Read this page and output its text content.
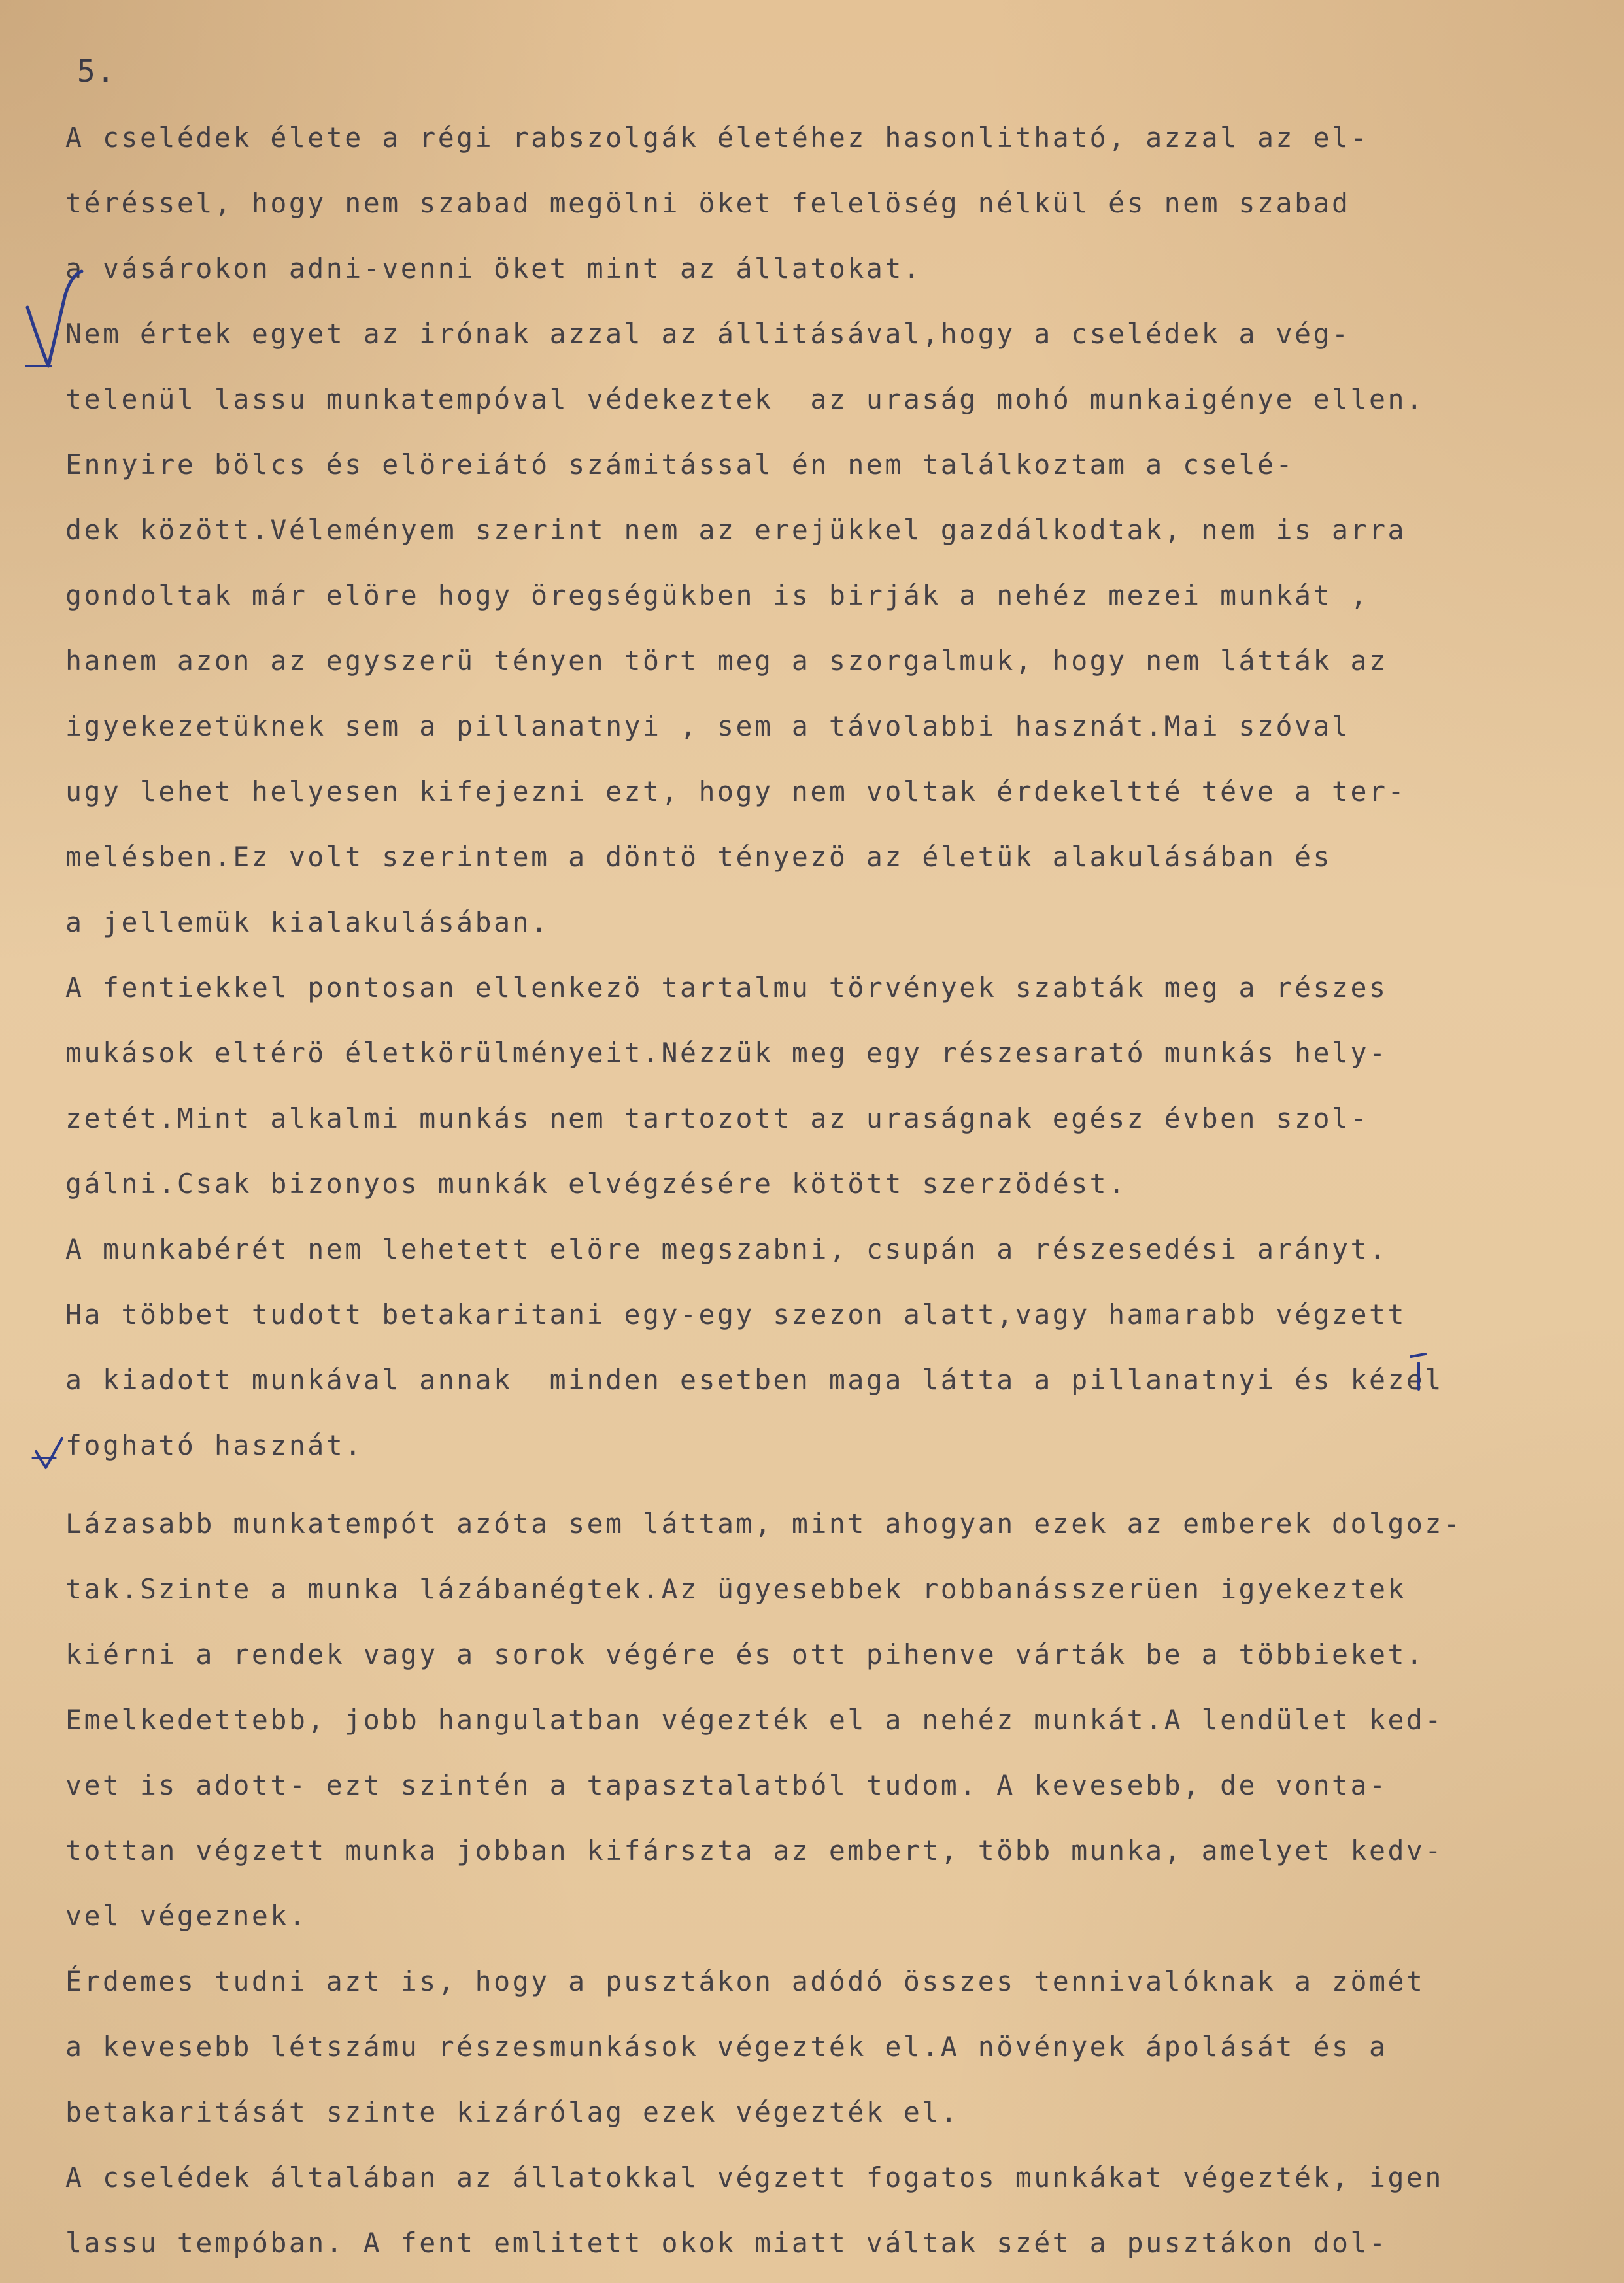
5.
A cselédek élete a régi rabszolgák életéhez hasonlitható, azzal az el-
téréssel, hogy nem szabad megölni öket felelöség nélkül és nem szabad
a vásárokon adni-venni öket mint az állatokat.
Nem értek egyet az irónak azzal az állitásával,hogy a cselédek a vég-
telenül lassu munkatempóval védekeztek  az uraság mohó munkaigénye ellen.
Ennyire bölcs és elöreiátó számitással én nem találkoztam a cselé-
dek között.Véleményem szerint nem az erejükkel gazdálkodtak, nem is arra
gondoltak már elöre hogy öregségükben is birják a nehéz mezei munkát ,
hanem azon az egyszerü tényen tört meg a szorgalmuk, hogy nem látták az
igyekezetüknek sem a pillanatnyi , sem a távolabbi hasznát.Mai szóval
ugy lehet helyesen kifejezni ezt, hogy nem voltak érdekeltté téve a ter-
melésben.Ez volt szerintem a döntö tényezö az életük alakulásában és
a jellemük kialakulásában.
A fentiekkel pontosan ellenkezö tartalmu törvények szabták meg a részes
mukások eltérö életkörülményeit.Nézzük meg egy részesarató munkás hely-
zetét.Mint alkalmi munkás nem tartozott az uraságnak egész évben szol-
gálni.Csak bizonyos munkák elvégzésére kötött szerzödést.
A munkabérét nem lehetett elöre megszabni, csupán a részesedési arányt.
Ha többet tudott betakaritani egy-egy szezon alatt,vagy hamarabb végzett
a kiadott munkával annak  minden esetben maga látta a pillanatnyi és kézel
fogható hasznát.
Lázasabb munkatempót azóta sem láttam, mint ahogyan ezek az emberek dolgoz-
tak.Szinte a munka lázábanégtek.Az ügyesebbek robbanásszerüen igyekeztek
kiérni a rendek vagy a sorok végére és ott pihenve várták be a többieket.
Emelkedettebb, jobb hangulatban végezték el a nehéz munkát.A lendület ked-
vet is adott- ezt szintén a tapasztalatból tudom. A kevesebb, de vonta-
tottan végzett munka jobban kifárszta az embert, több munka, amelyet kedv-
vel végeznek.
Érdemes tudni azt is, hogy a pusztákon adódó összes tennivalóknak a zömét
a kevesebb létszámu részesmunkások végezték el.A növények ápolását és a
betakaritását szinte kizárólag ezek végezték el.
A cselédek általában az állatokkal végzett fogatos munkákat végezték, igen
lassu tempóban. A fent emlitett okok miatt váltak szét a pusztákon dol-
